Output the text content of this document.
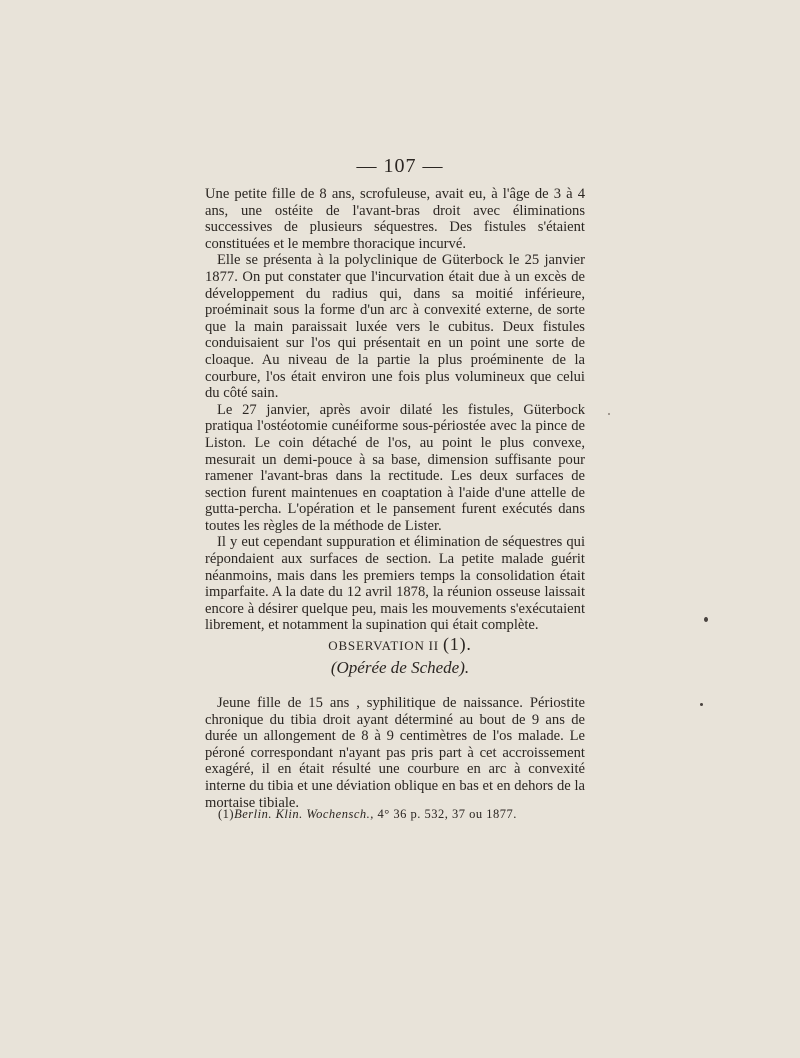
— 107 —

Une petite fille de 8 ans, scrofuleuse, avait eu, à l'âge de 3 à 4 ans, une ostéite de l'avant-bras droit avec éliminations successives de plusieurs séquestres. Des fistules s'étaient constituées et le membre thoracique incurvé.

Elle se présenta à la polyclinique de Güterbock le 25 janvier 1877. On put constater que l'incurvation était due à un excès de développement du radius qui, dans sa moitié inférieure, proéminait sous la forme d'un arc à convexité externe, de sorte que la main paraissait luxée vers le cubitus. Deux fistules conduisaient sur l'os qui présentait en un point une sorte de cloaque. Au niveau de la partie la plus proéminente de la courbure, l'os était environ une fois plus volumineux que celui du côté sain.

Le 27 janvier, après avoir dilaté les fistules, Güterbock pratiqua l'ostéotomie cunéiforme sous-périostée avec la pince de Liston. Le coin détaché de l'os, au point le plus convexe, mesurait un demi-pouce à sa base, dimension suffisante pour ramener l'avant-bras dans la rectitude. Les deux surfaces de section furent maintenues en coaptation à l'aide d'une attelle de gutta-percha. L'opération et le pansement furent exécutés dans toutes les règles de la méthode de Lister.

Il y eut cependant suppuration et élimination de séquestres qui répondaient aux surfaces de section. La petite malade guérit néanmoins, mais dans les premiers temps la consolidation était imparfaite. A la date du 12 avril 1878, la réunion osseuse laissait encore à désirer quelque peu, mais les mouvements s'exécutaient librement, et notamment la supination qui était complète.

OBSERVATION II (1).
(Opérée de Schede).

Jeune fille de 15 ans , syphilitique de naissance. Périostite chronique du tibia droit ayant déterminé au bout de 9 ans de durée un allongement de 8 à 9 centimètres de l'os malade. Le péroné correspondant n'ayant pas pris part à cet accroissement exagéré, il en était résulté une courbure en arc à convexité interne du tibia et une déviation oblique en bas et en dehors de la mortaise tibiale.

(1)Berlin. Klin. Wochensch., 4° 36 p. 532, 37 ou 1877.
